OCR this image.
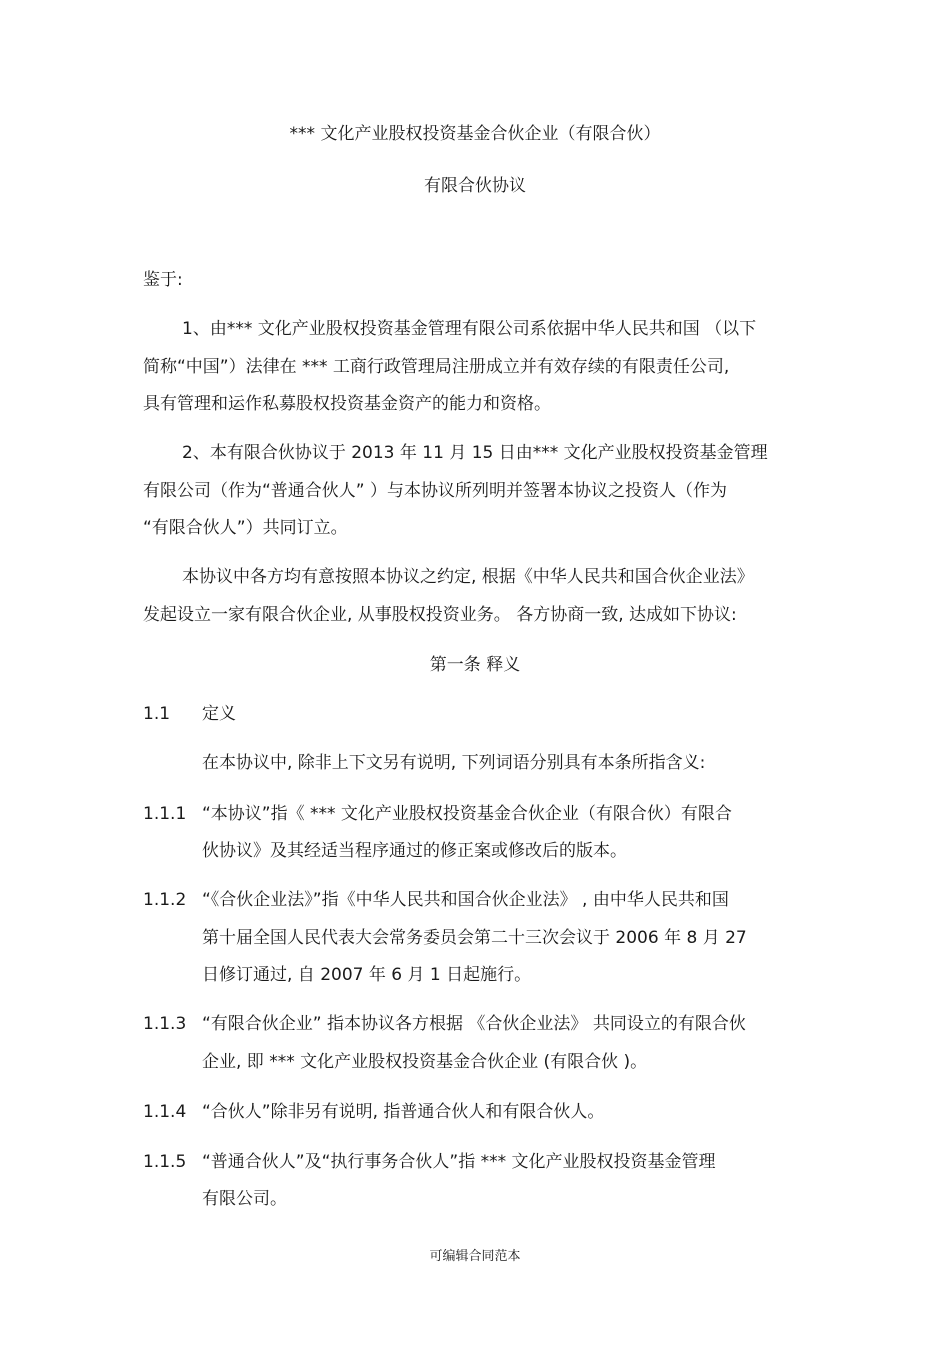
*** 文化产业股权投资基金合伙企业（有限合伙）
有限合伙协议
鉴于:
1、由*** 文化产业股权投资基金管理有限公司系依据中华人民共和国 （以下
简称“中国”）法律在 *** 工商行政管理局注册成立并有效存续的有限责任公司,
具有管理和运作私募股权投资基金资产的能力和资格。
2、本有限合伙协议于 2013 年 11 月 15 日由*** 文化产业股权投资基金管理
有限公司（作为“普通合伙人” ）与本协议所列明并签署本协议之投资人（作为
“有限合伙人”）共同订立。
本协议中各方均有意按照本协议之约定, 根据《中华人民共和国合伙企业法》
发起设立一家有限合伙企业, 从事股权投资业务。 各方协商一致, 达成如下协议:
第一条 释义
1.1 定义
在本协议中, 除非上下文另有说明, 下列词语分别具有本条所指含义:
1.1.1 “本协议”指《 *** 文化产业股权投资基金合伙企业（有限合伙）有限合
伙协议》及其经适当程序通过的修正案或修改后的版本。
1.1.2 “《合伙企业法》”指《中华人民共和国合伙企业法》 , 由中华人民共和国
第十届全国人民代表大会常务委员会第二十三次会议于 2006 年 8 月 27
日修订通过, 自 2007 年 6 月 1 日起施行。
1.1.3 “有限合伙企业” 指本协议各方根据 《合伙企业法》 共同设立的有限合伙
企业, 即 *** 文化产业股权投资基金合伙企业 (有限合伙 )。
1.1.4 “合伙人”除非另有说明, 指普通合伙人和有限合伙人。
1.1.5 “普通合伙人”及“执行事务合伙人”指 *** 文化产业股权投资基金管理
有限公司。
可编辑合同范本
